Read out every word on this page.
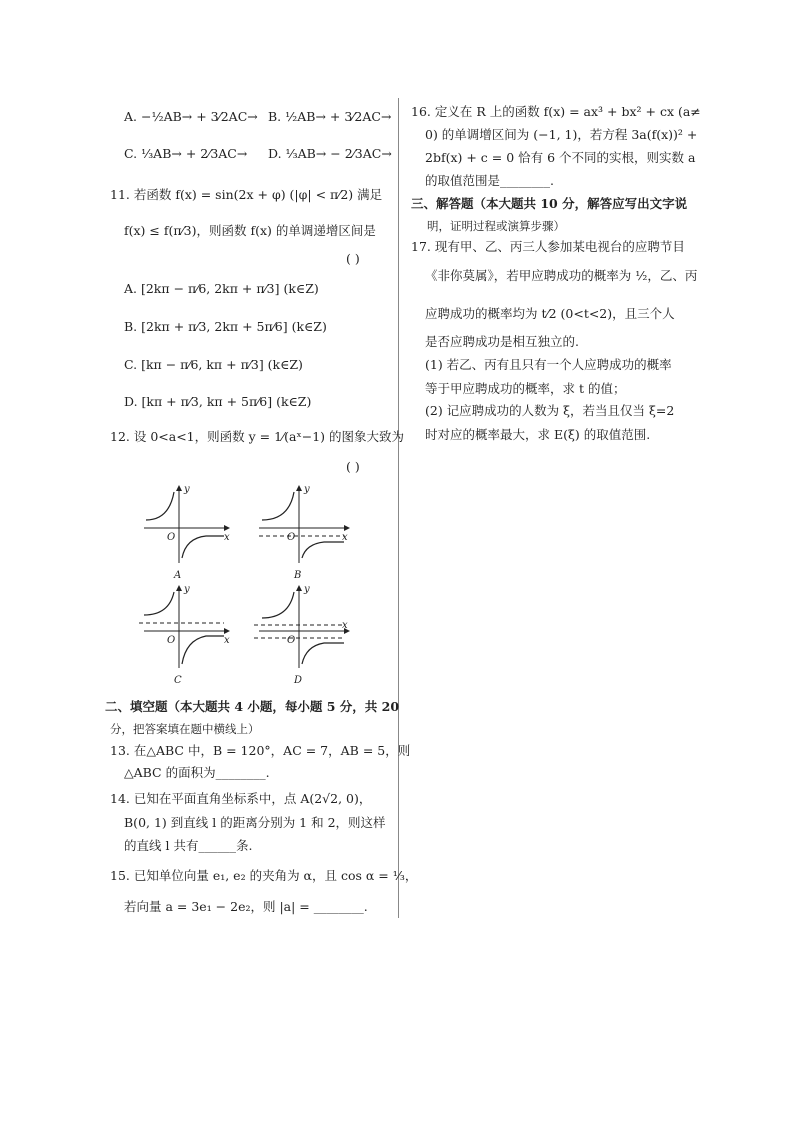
A. −½AB→ + 3⁄2AC→ B. ½AB→ + 3⁄2AC→
C. ⅓AB→ + 2⁄3AC→ D. ⅓AB→ − 2⁄3AC→
11. 若函数 f(x) = sin(2x + φ) (|φ| < π⁄2) 满足
f(x) ≤ f(π⁄3)，则函数 f(x) 的单调递增区间是
( )
A. [2kπ − π⁄6, 2kπ + π⁄3] (k∈Z)
B. [2kπ + π⁄3, 2kπ + 5π⁄6] (k∈Z)
C. [kπ − π⁄6, kπ + π⁄3] (k∈Z)
D. [kπ + π⁄3, kπ + 5π⁄6] (k∈Z)
12. 设 0<a<1，则函数 y = 1⁄(aˣ−1) 的图象大致为
( )
y
x
O
A
y
x
O
B
y
x
O
C
y
x
O
D
二、填空题（本大题共 4 小题，每小题 5 分，共 20
分，把答案填在题中横线上）
13. 在△ABC 中，B = 120°，AC = 7，AB = 5，则
△ABC 的面积为________.
14. 已知在平面直角坐标系中，点 A(2√2, 0)，
B(0, 1) 到直线 l 的距离分别为 1 和 2，则这样
的直线 l 共有______条.
15. 已知单位向量 e₁, e₂ 的夹角为 α，且 cos α = ⅓，
若向量 a = 3e₁ − 2e₂，则 |a| = ________.
16. 定义在 R 上的函数 f(x) = ax³ + bx² + cx (a≠
0) 的单调增区间为 (−1, 1)，若方程 3a(f(x))² +
2bf(x) + c = 0 恰有 6 个不同的实根，则实数 a
的取值范围是________.
三、解答题（本大题共 10 分，解答应写出文字说
明，证明过程或演算步骤）
17. 现有甲、乙、丙三人参加某电视台的应聘节目
《非你莫属》，若甲应聘成功的概率为 ½，乙、丙
应聘成功的概率均为 t⁄2 (0<t<2)，且三个人
是否应聘成功是相互独立的.
(1) 若乙、丙有且只有一个人应聘成功的概率
等于甲应聘成功的概率，求 t 的值；
(2) 记应聘成功的人数为 ξ，若当且仅当 ξ=2
时对应的概率最大，求 E(ξ) 的取值范围.
